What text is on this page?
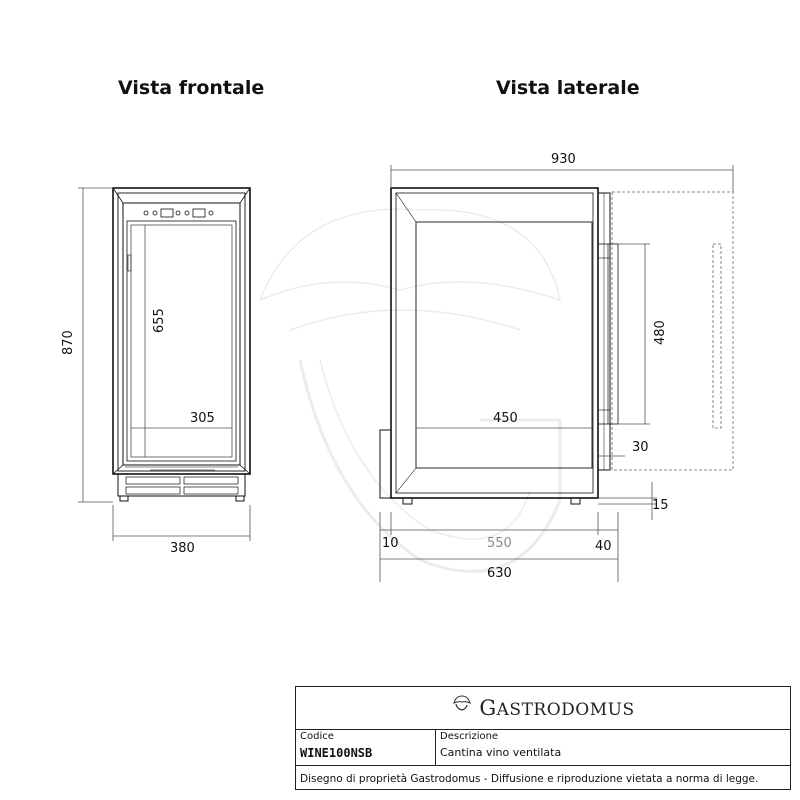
Vista frontale	Vista laterale
870
655
305
380
930
480
450
30
15
10	550	40
630
GASTRODOMUS
Codice
WINE100NSB
Descrizione
Cantina vino ventilata
Disegno di proprietà Gastrodomus - Diffusione e riproduzione vietata a norma di legge.
